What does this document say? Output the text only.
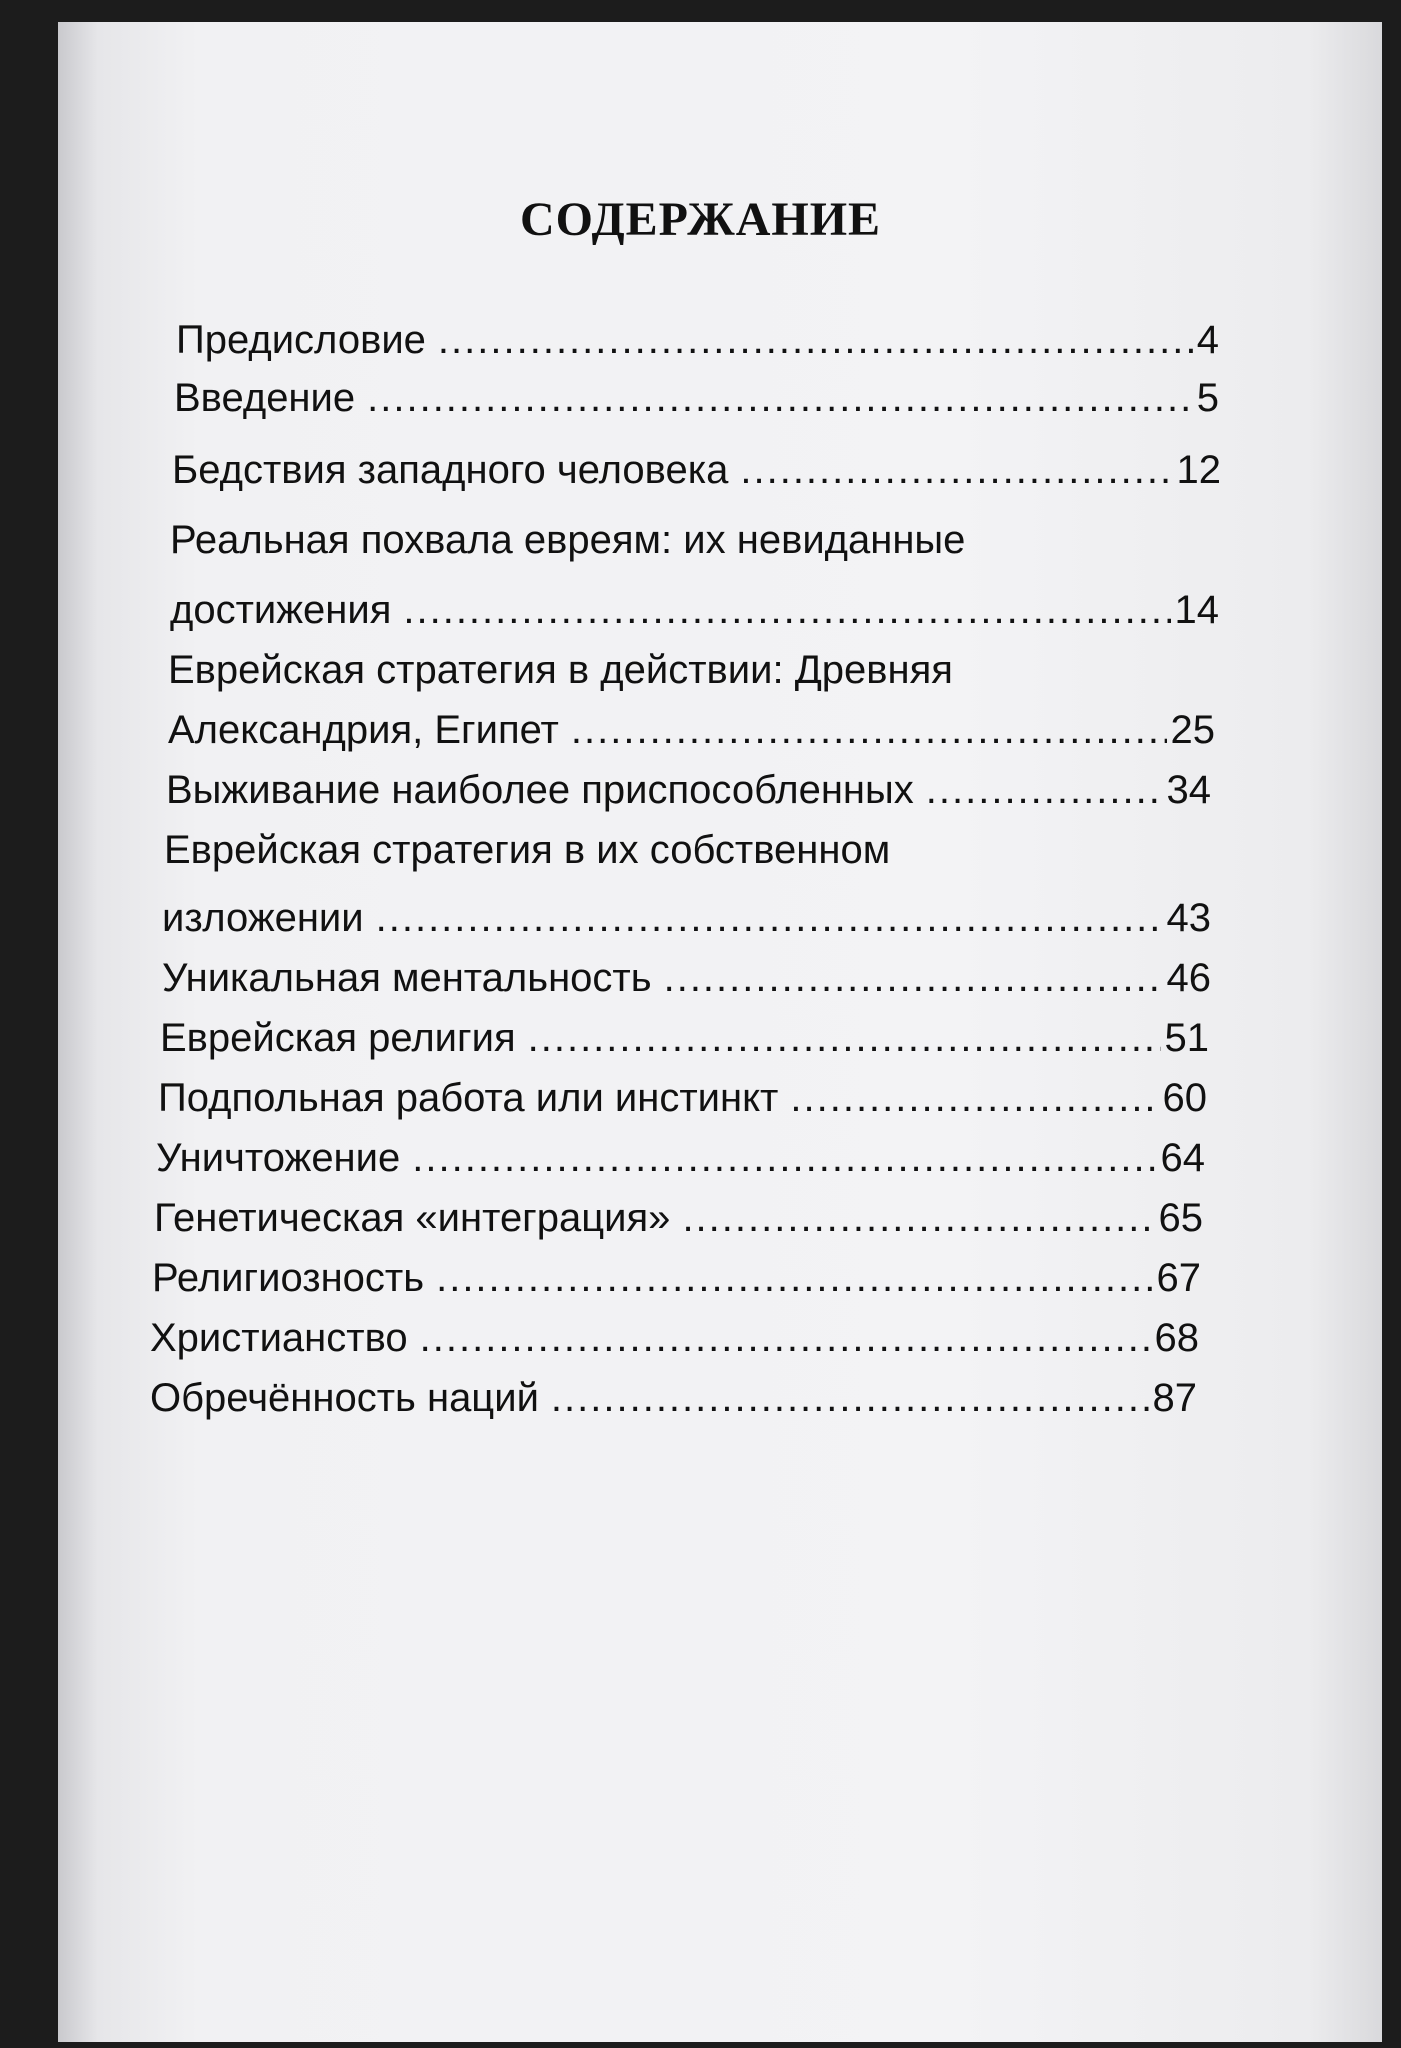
СОДЕРЖАНИЕ
Предисловие .....	4
Введение .....	5
Бедствия западного человека .....	12
Реальная похвала евреям: их невиданные
достижения .....	14
Еврейская стратегия в действии: Древняя
Александрия, Египет .....	25
Выживание наиболее приспособленных .....	34
Еврейская стратегия в их собственном
изложении .....	43
Уникальная ментальность .....	46
Еврейская религия .....	51
Подпольная работа или инстинкт .....	60
Уничтожение .....	64
Генетическая «интеграция» .....	65
Религиозность .....	67
Христианство .....	68
Обречённость наций .....	87
